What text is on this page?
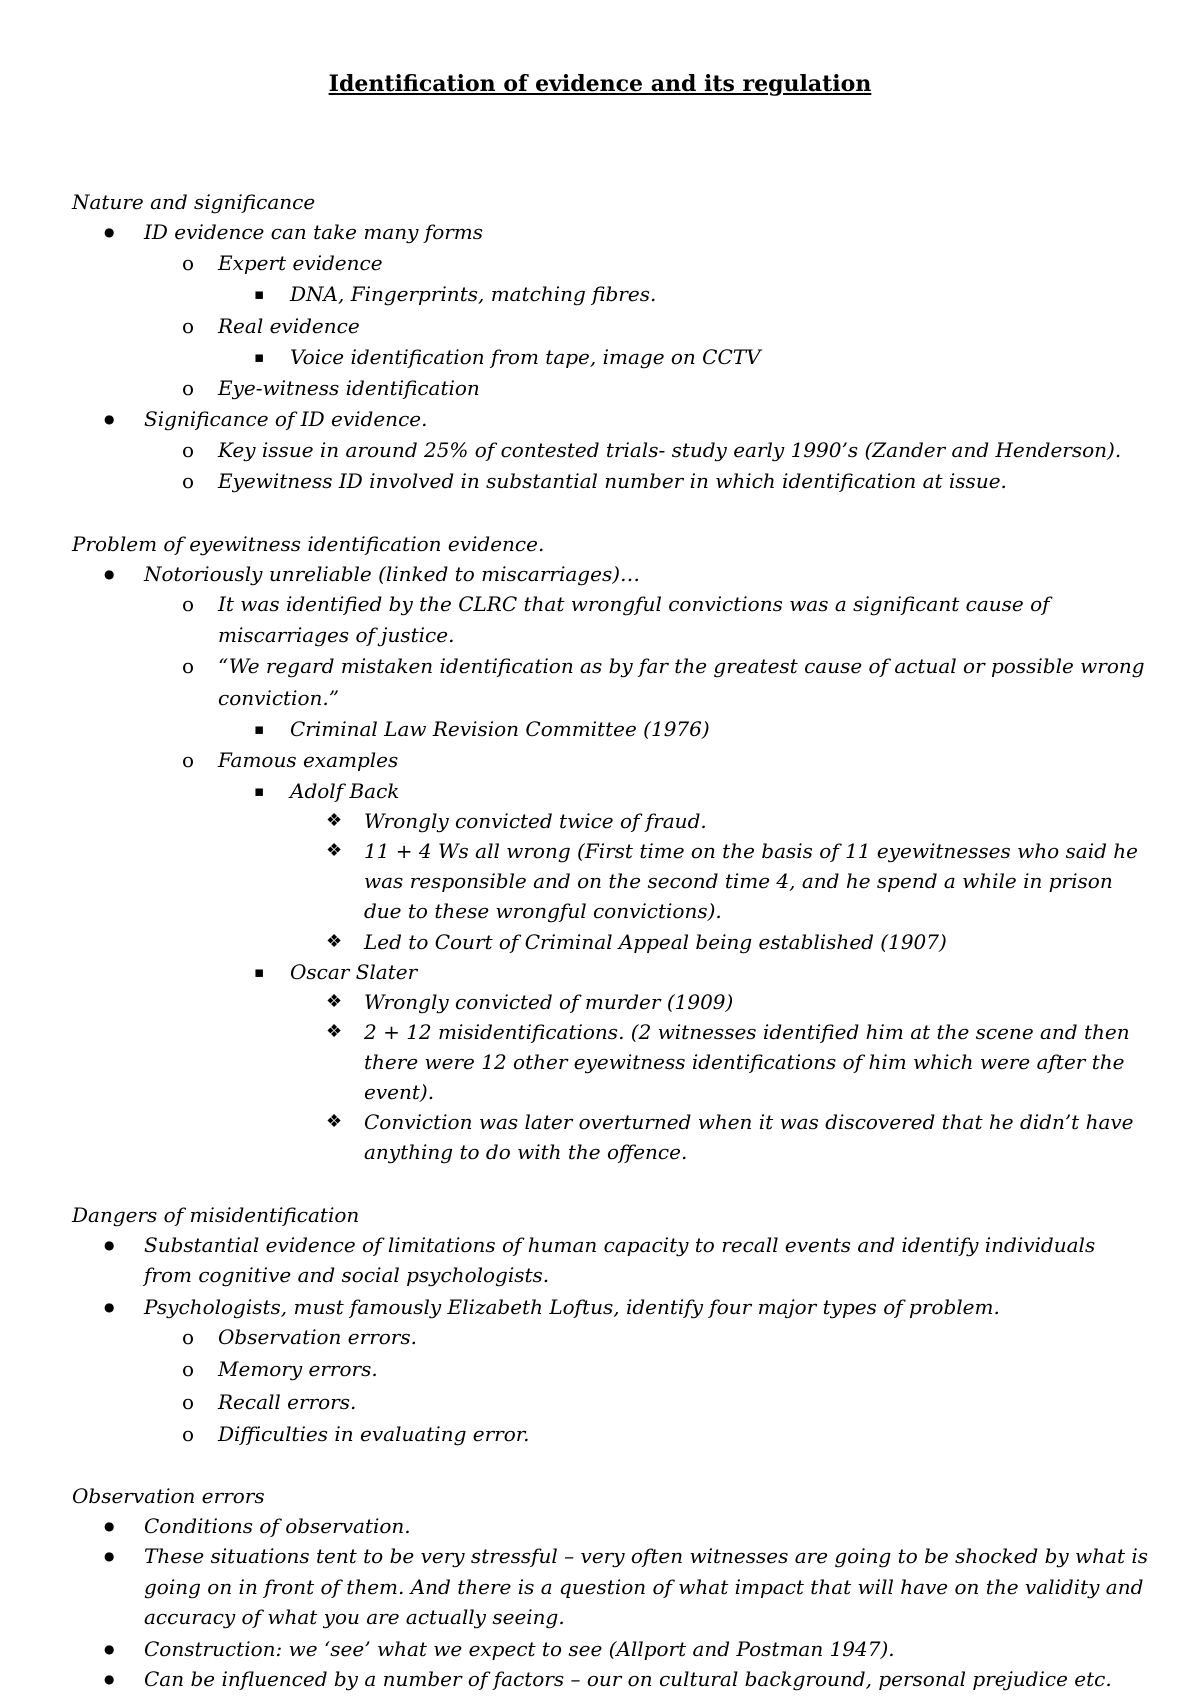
Identification of evidence and its regulation
Nature and significance
●
ID evidence can take many forms
o Expert evidence
▪
DNA, Fingerprints, matching fibres.
o Real evidence
▪
Voice identification from tape, image on CCTV
o Eye-witness identification
●
Significance of ID evidence.
o Key issue in around 25% of contested trials- study early 1990’s (Zander and Henderson).
o Eyewitness ID involved in substantial number in which identification at issue.
Problem of eyewitness identification evidence.
●
Notoriously unreliable (linked to miscarriages)…
o It was identified by the CLRC that wrongful convictions was a significant cause of
miscarriages of justice.
o “We regard mistaken identification as by far the greatest cause of actual or possible wrong
conviction.”
▪
Criminal Law Revision Committee (1976)
o Famous examples
▪
Adolf Back
❖ Wrongly convicted twice of fraud.
❖ 11 + 4 Ws all wrong (First time on the basis of 11 eyewitnesses who said he
was responsible and on the second time 4, and he spend a while in prison
due to these wrongful convictions).
❖ Led to Court of Criminal Appeal being established (1907)
▪
Oscar Slater
❖ Wrongly convicted of murder (1909)
❖ 2 + 12 misidentifications. (2 witnesses identified him at the scene and then
there were 12 other eyewitness identifications of him which were after the
event).
❖ Conviction was later overturned when it was discovered that he didn’t have
anything to do with the offence.
Dangers of misidentification
●
Substantial evidence of limitations of human capacity to recall events and identify individuals
from cognitive and social psychologists.
●
Psychologists, must famously Elizabeth Loftus, identify four major types of problem.
o Observation errors.
o Memory errors.
o Recall errors.
o Difficulties in evaluating error.
Observation errors
●
Conditions of observation.
●
These situations tent to be very stressful – very often witnesses are going to be shocked by what is
going on in front of them. And there is a question of what impact that will have on the validity and
accuracy of what you are actually seeing.
●
Construction: we ‘see’ what we expect to see (Allport and Postman 1947).
●
Can be influenced by a number of factors – our on cultural background, personal prejudice etc.
